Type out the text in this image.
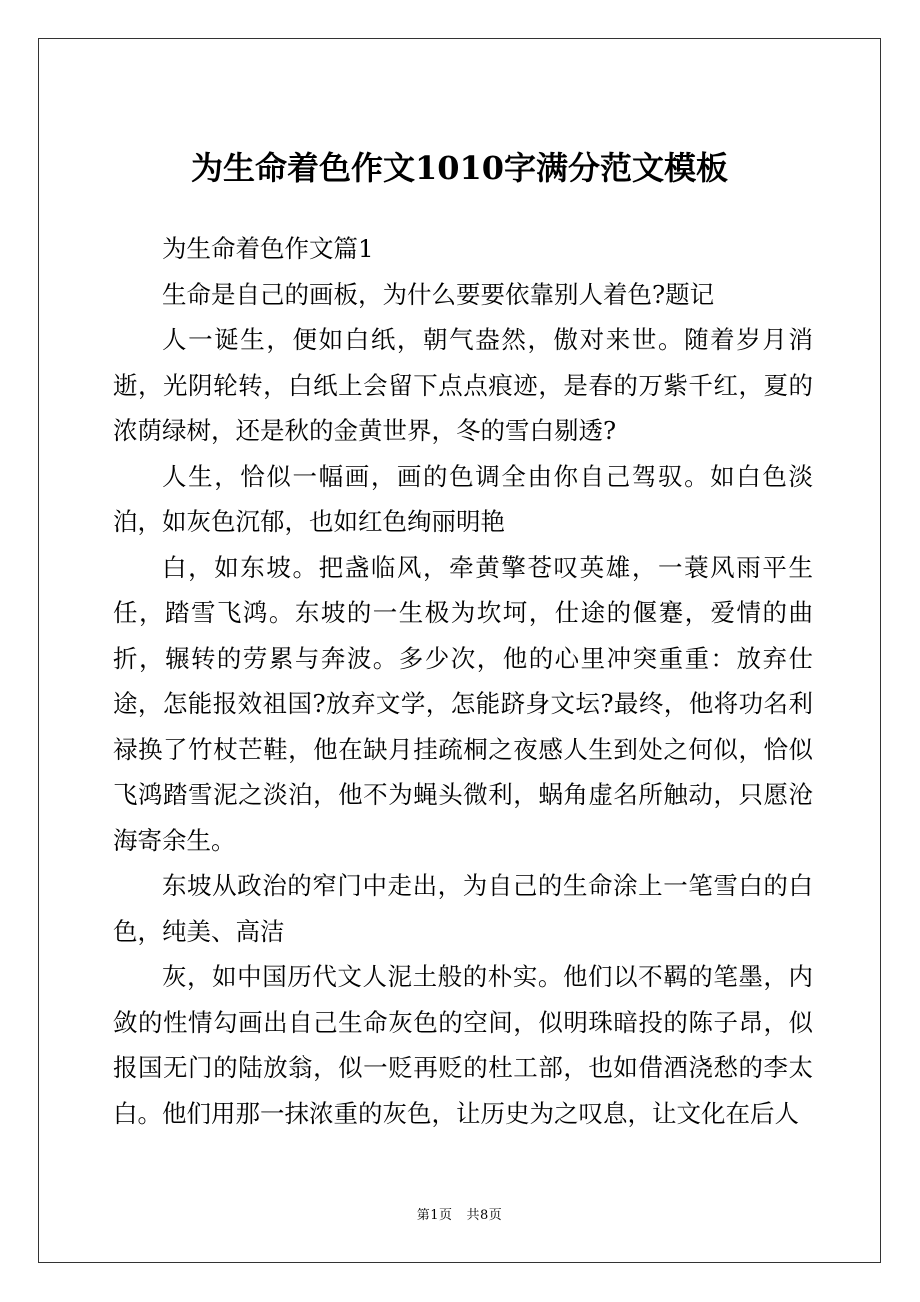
为生命着色作文1010字满分范文模板

为生命着色作文篇1

生命是自己的画板，为什么要要依靠别人着色?题记

人一诞生，便如白纸，朝气盎然，傲对来世。随着岁月消逝，光阴轮转，白纸上会留下点点痕迹，是春的万紫千红，夏的浓荫绿树，还是秋的金黄世界，冬的雪白剔透?

人生，恰似一幅画，画的色调全由你自己驾驭。如白色淡泊，如灰色沉郁，也如红色绚丽明艳

白，如东坡。把盏临风，牵黄擎苍叹英雄，一蓑风雨平生任，踏雪飞鸿。东坡的一生极为坎坷，仕途的偃蹇，爱情的曲折，辗转的劳累与奔波。多少次，他的心里冲突重重：放弃仕途，怎能报效祖国?放弃文学，怎能跻身文坛?最终，他将功名利禄换了竹杖芒鞋，他在缺月挂疏桐之夜感人生到处之何似，恰似飞鸿踏雪泥之淡泊，他不为蝇头微利，蜗角虚名所触动，只愿沧海寄余生。

东坡从政治的窄门中走出，为自己的生命涂上一笔雪白的白色，纯美、高洁

灰，如中国历代文人泥土般的朴实。他们以不羁的笔墨，内敛的性情勾画出自己生命灰色的空间，似明珠暗投的陈子昂，似报国无门的陆放翁，似一贬再贬的杜工部，也如借酒浇愁的李太白。他们用那一抹浓重的灰色，让历史为之叹息，让文化在后人

第1页 共8页
